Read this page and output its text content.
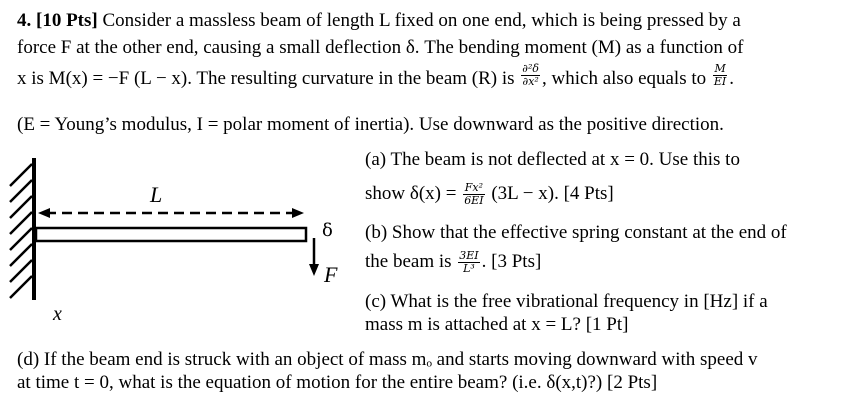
4. [10 Pts] Consider a massless beam of length L fixed on one end, which is being pressed by a
force F at the other end, causing a small deflection δ. The bending moment (M) as a function of
x is M(x) = −F (L − x). The resulting curvature in the beam (R) is $\frac{\text{∂²δ}}{\text{∂x²}}$ , which also equals to $\frac{M}{EI}$ .
(E = Young’s modulus, I = polar moment of inertia). Use downward as the positive direction.
(a) The beam is not deflected at x = 0. Use this to
show $\delta(x) = \frac{\text{Fx²}}{6EI} (3L - x)$. [4 Pts]
(b) Show that the effective spring constant at the end of
the beam is $\frac{3EI}{\text{L³}}$ . [3 Pts]
(c) What is the free vibrational frequency in [Hz] if a
mass m is attached at x = L? [1 Pt]
(d) If the beam end is struck with an object of mass mₒ and starts moving downward with speed v
at time t = 0, what is the equation of motion for the entire beam? (i.e. δ(x,t)?) [2 Pts]
L
δ
F
x
